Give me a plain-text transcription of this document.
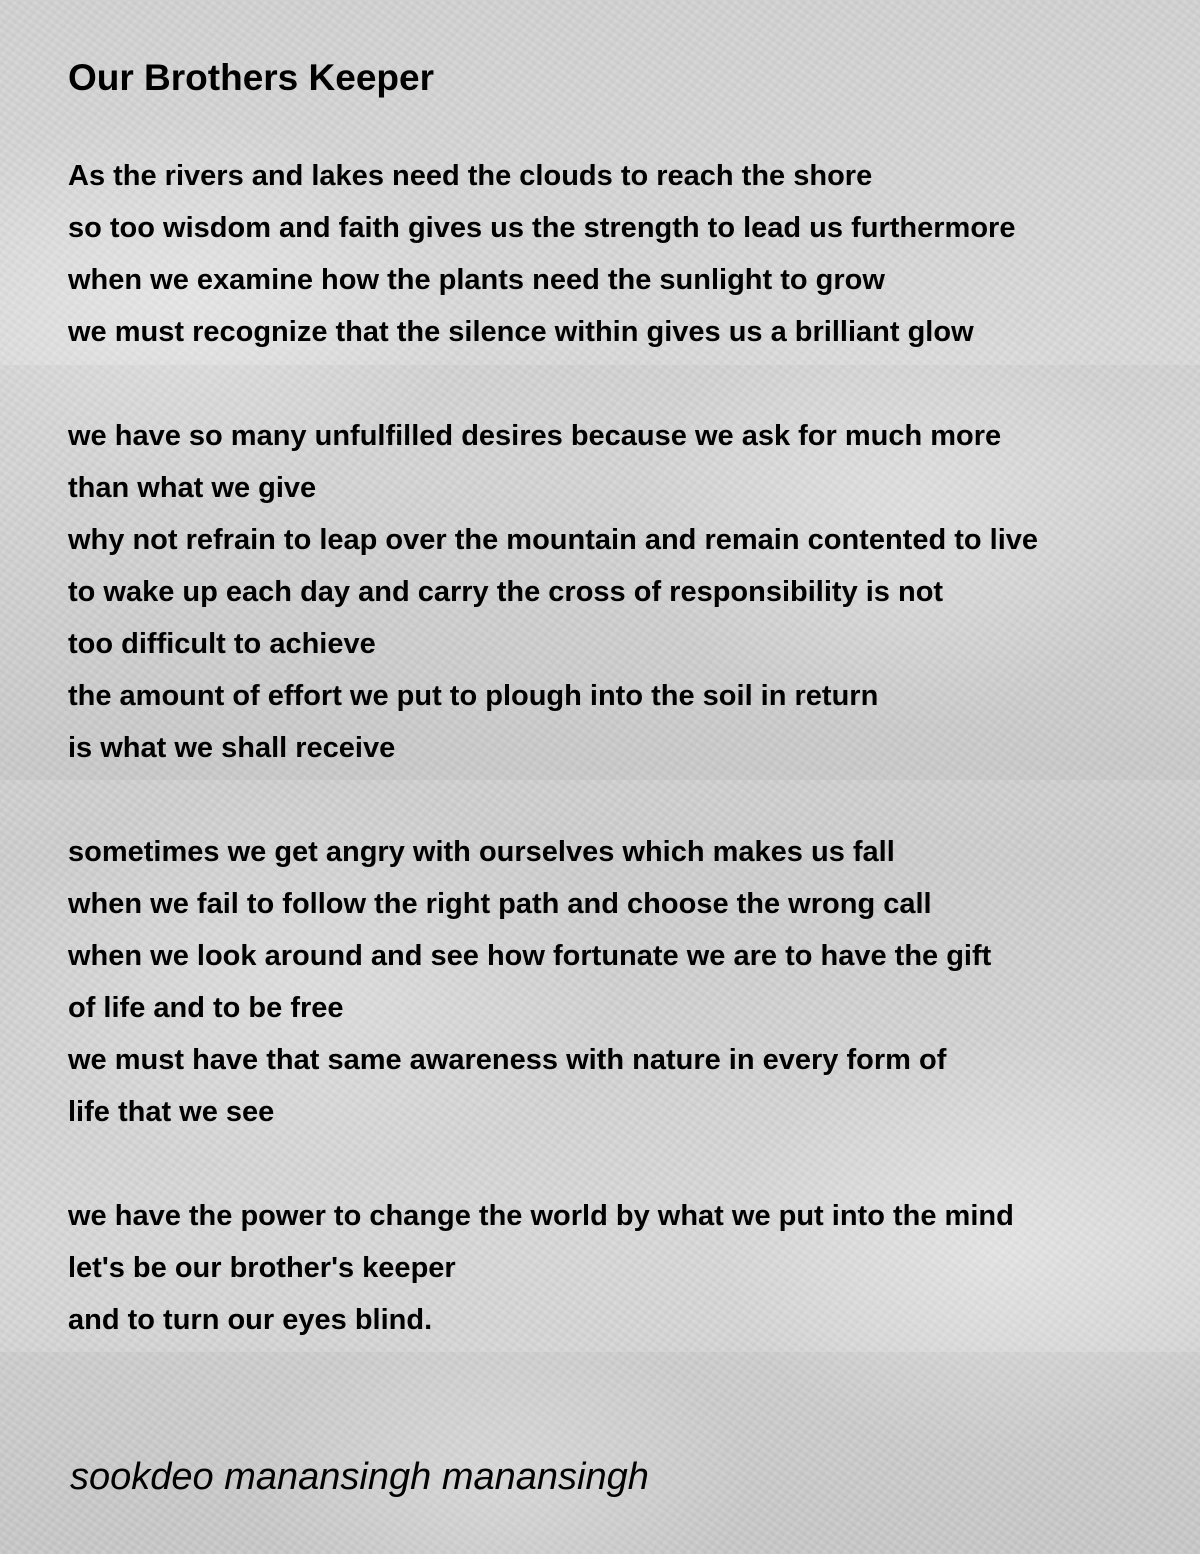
Our Brothers Keeper
As the rivers and lakes need the clouds to reach the shore
so too wisdom and faith gives us the strength to lead us furthermore
when we examine how the plants need the sunlight to grow
we must recognize that the silence within gives us a brilliant glow
we have so many unfulfilled desires because we ask for much more
than what we give
why not refrain to leap over the mountain and remain contented to live
to wake up each day and carry the cross of responsibility is not
too difficult to achieve
the amount of effort we put to plough into the soil in return
is what we shall receive
sometimes we get angry with ourselves which makes us fall
when we fail to follow the right path and choose the wrong call
when we look around and see how fortunate we are to have the gift
of life and to be free
we must have that same awareness with nature in every form of
life that we see
we have the power to change the world by what we put into the mind
let's be our brother's keeper
and to turn our eyes blind.
sookdeo manansingh manansingh
